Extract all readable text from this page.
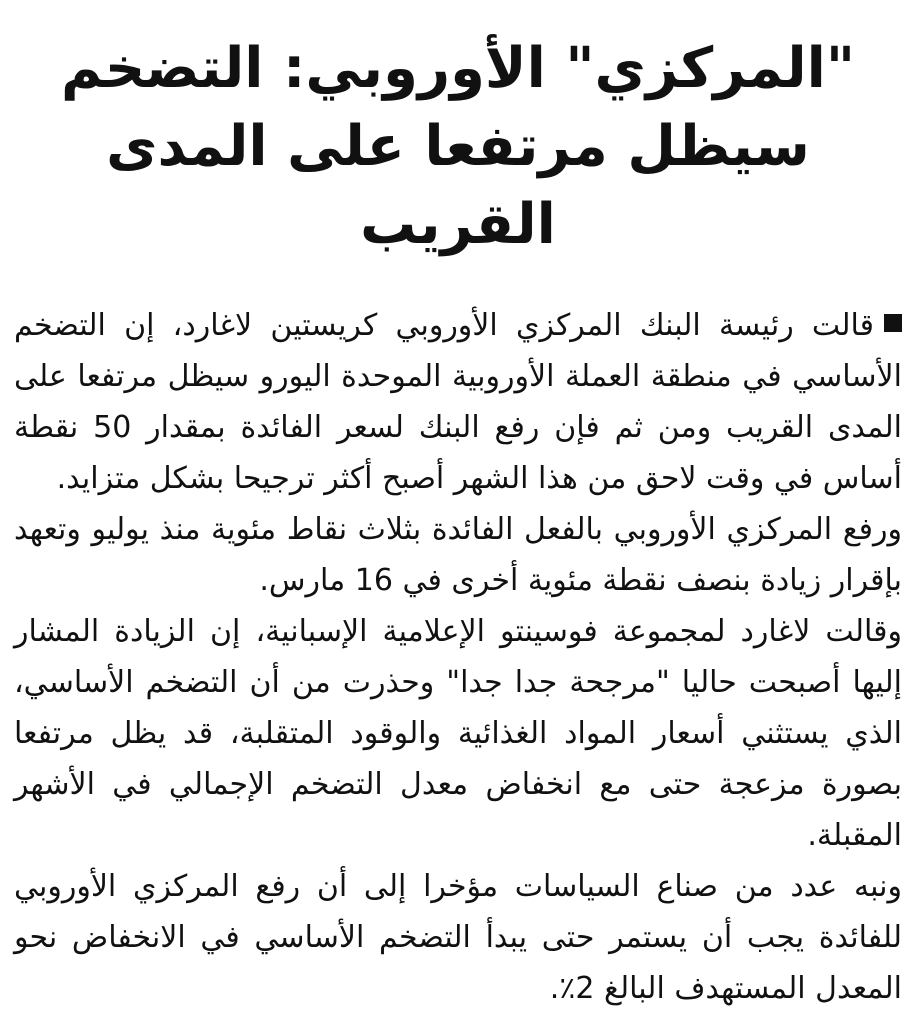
"المركزي" الأوروبي: التضخم
سيظل مرتفعا على المدى القريب

قالت رئيسة البنك المركزي الأوروبي كريستين لاغارد، إن التضخم الأساسي في منطقة العملة الأوروبية الموحدة اليورو سيظل مرتفعا على المدى القريب ومن ثم فإن رفع البنك لسعر الفائدة بمقدار 50 نقطة أساس في وقت لاحق من هذا الشهر أصبح أكثر ترجيحا بشكل متزايد.

ورفع المركزي الأوروبي بالفعل الفائدة بثلاث نقاط مئوية منذ يوليو وتعهد بإقرار زيادة بنصف نقطة مئوية أخرى في 16 مارس.

وقالت لاغارد لمجموعة فوسينتو الإعلامية الإسبانية، إن الزيادة المشار إليها أصبحت حاليا "مرجحة جدا جدا" وحذرت من أن التضخم الأساسي، الذي يستثني أسعار المواد الغذائية والوقود المتقلبة، قد يظل مرتفعا بصورة مزعجة حتى مع انخفاض معدل التضخم الإجمالي في الأشهر المقبلة.

ونبه عدد من صناع السياسات مؤخرا إلى أن رفع المركزي الأوروبي للفائدة يجب أن يستمر حتى يبدأ التضخم الأساسي في الانخفاض نحو المعدل المستهدف البالغ 2٪.
